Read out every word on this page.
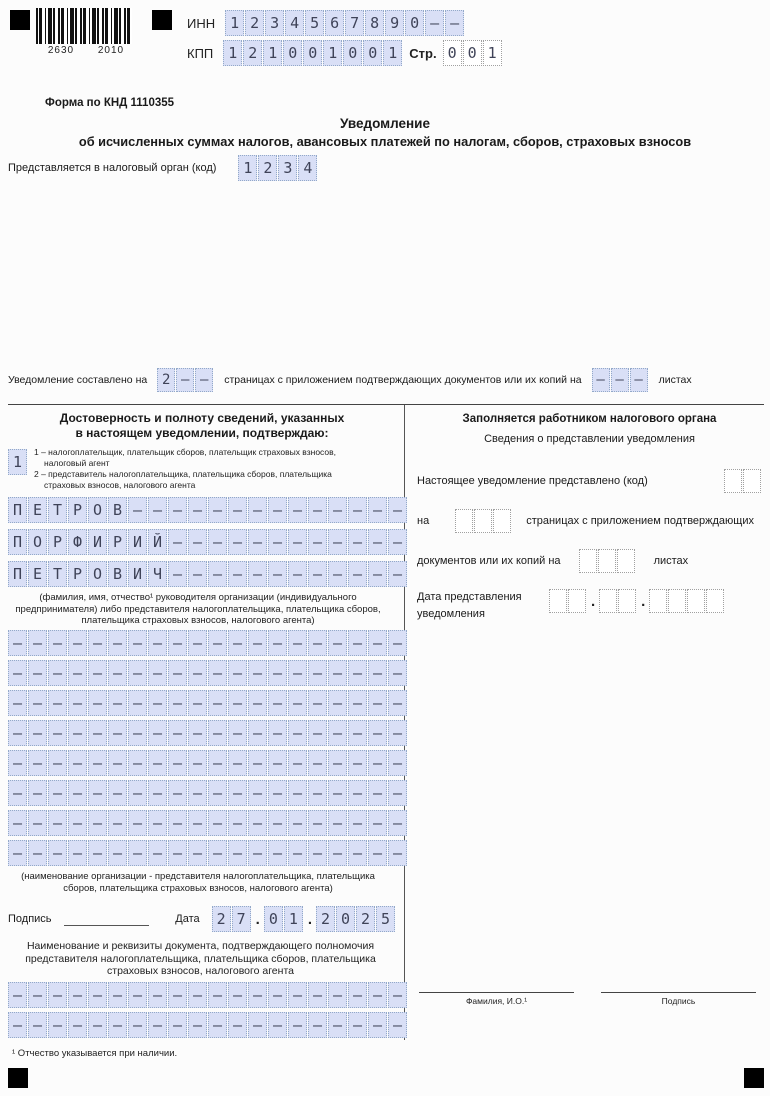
2630 2010
ИНН 1 2 3 4 5 6 7 8 9 0 – –
КПП 1 2 1 0 0 1 0 0 1 Стр. 0 0 1
Форма по КНД 1110355
Уведомление
об исчисленных суммах налогов, авансовых платежей по налогам, сборов, страховых взносов
Представляется в налоговый орган (код)	1 2 3 4
Уведомление составлено на	2 – –	страницах с приложением подтверждающих документов или их копий на	– – –	листах
Достоверность и полноту сведений, указанных
в настоящем уведомлении, подтверждаю:
1
1 – налогоплательщик, плательщик сборов, плательщик страховых взносов, налоговый агент
2 – представитель налогоплательщика, плательщика сборов, плательщика страховых взносов, налогового агента
П Е Т Р О В – – – – – – – – – – – – – –

П О Р Ф И Р И Й – – – – – – – – – – – –

П Е Т Р О В И Ч – – – – – – – – – – – –
(фамилия, имя, отчество¹ руководителя организации (индивидуального предпринимателя) либо представителя налогоплательщика, плательщика сборов, плательщика страховых взносов, налогового агента)
– – – – – – – – – – – – – – – – – – – –
– – – – – – – – – – – – – – – – – – – –
– – – – – – – – – – – – – – – – – – – –
– – – – – – – – – – – – – – – – – – – –
– – – – – – – – – – – – – – – – – – – –
– – – – – – – – – – – – – – – – – – – –
– – – – – – – – – – – – – – – – – – – –
– – – – – – – – – – – – – – – – – – – –
(наименование организации - представителя налогоплательщика, плательщика сборов, плательщика страховых взносов, налогового агента)
Подпись	Дата	2 7 . 0 1 . 2 0 2 5
Наименование и реквизиты документа, подтверждающего полномочия представителя налогоплательщика, плательщика сборов, плательщика страховых взносов, налогового агента
– – – – – – – – – – – – – – – – – – – –
– – – – – – – – – – – – – – – – – – – –
Заполняется работником налогового органа
Сведения о представлении уведомления
Настоящее уведомление представлено (код)
на	страницах с приложением подтверждающих
документов или их копий на	листах
Дата представления
уведомления
.	.
Фамилия, И.О.¹	Подпись
¹ Отчество указывается при наличии.
